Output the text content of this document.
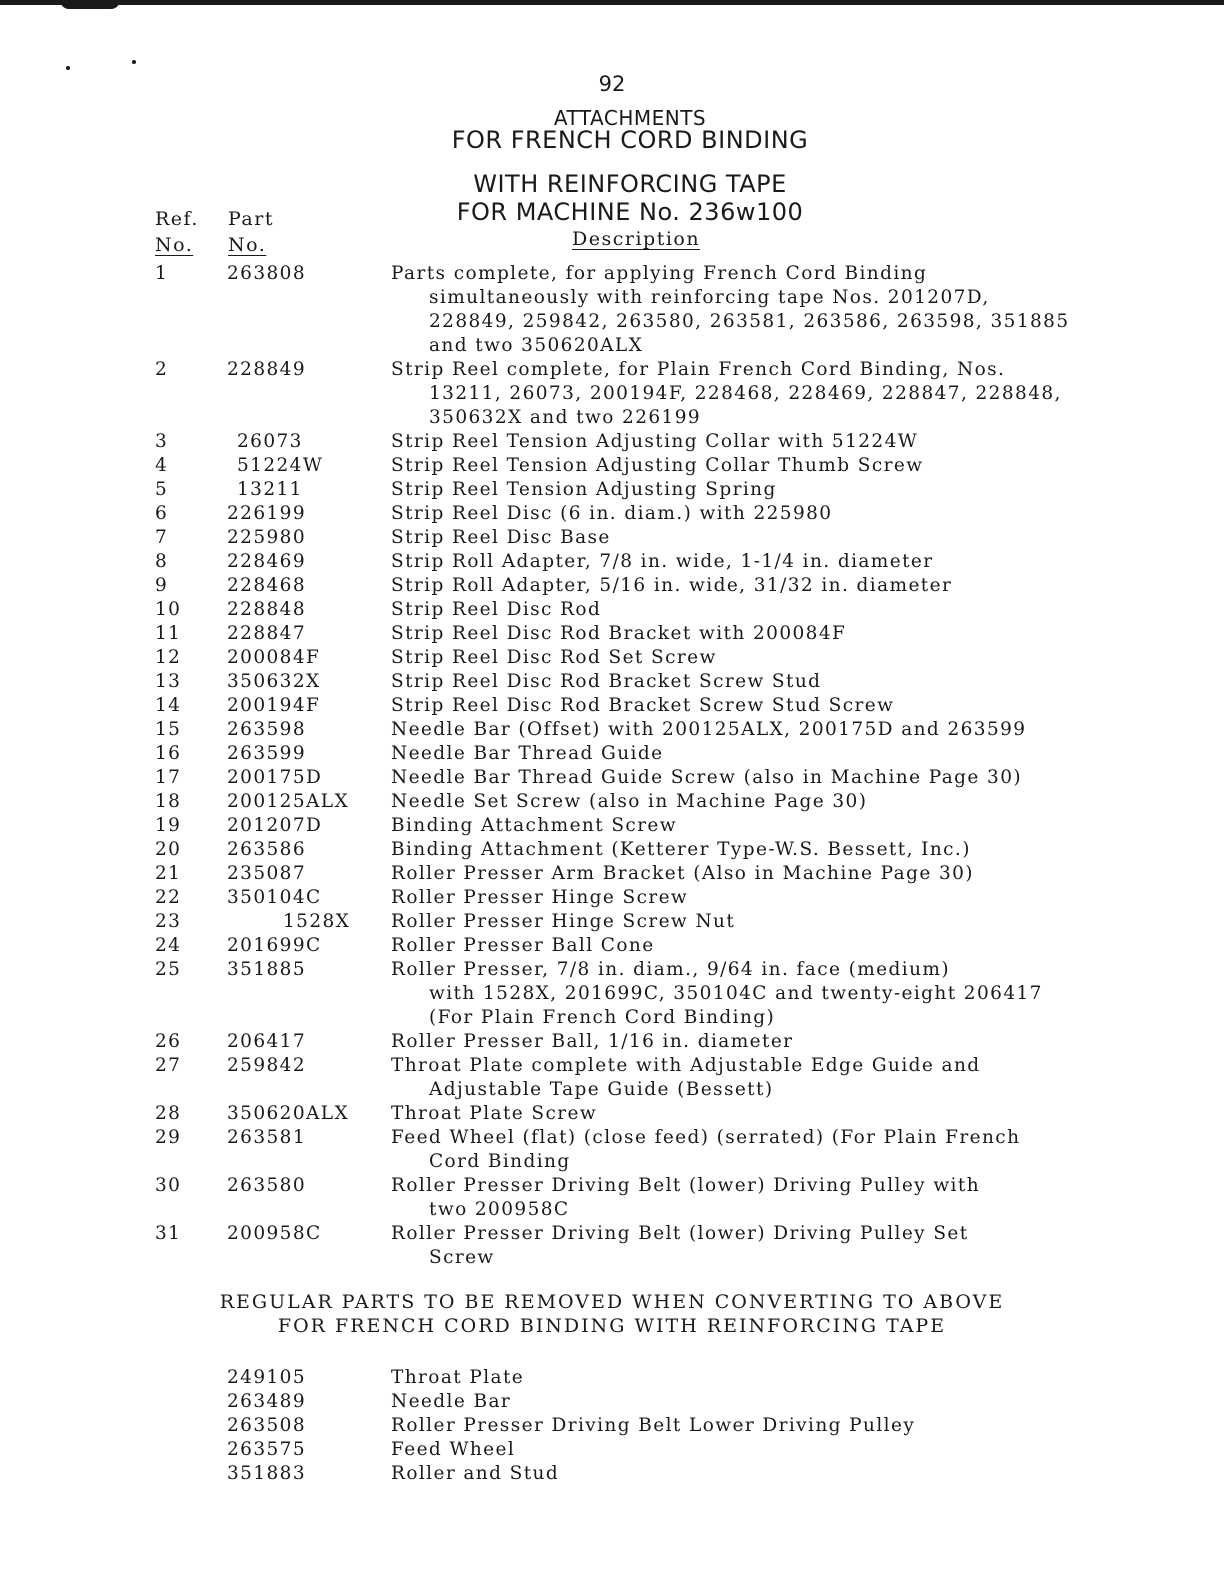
92
ATTACHMENTS
FOR FRENCH CORD BINDING
WITH REINFORCING TAPE
FOR MACHINE No. 236w100
Ref.
No.
Part
No.	Description
1	263808	Parts complete, for applying French Cord Binding
simultaneously with reinforcing tape Nos. 201207D,
228849, 259842, 263580, 263581, 263586, 263598, 351885
and two 350620ALX
2	228849	Strip Reel complete, for Plain French Cord Binding, Nos.
13211, 26073, 200194F, 228468, 228469, 228847, 228848,
350632X and two 226199
3	26073	Strip Reel Tension Adjusting Collar with 51224W
4	51224W	Strip Reel Tension Adjusting Collar Thumb Screw
5	13211	Strip Reel Tension Adjusting Spring
6	226199	Strip Reel Disc (6 in. diam.) with 225980
7	225980	Strip Reel Disc Base
8	228469	Strip Roll Adapter, 7/8 in. wide, 1-1/4 in. diameter
9	228468	Strip Roll Adapter, 5/16 in. wide, 31/32 in. diameter
10	228848	Strip Reel Disc Rod
11	228847	Strip Reel Disc Rod Bracket with 200084F
12	200084F	Strip Reel Disc Rod Set Screw
13	350632X	Strip Reel Disc Rod Bracket Screw Stud
14	200194F	Strip Reel Disc Rod Bracket Screw Stud Screw
15	263598	Needle Bar (Offset) with 200125ALX, 200175D and 263599
16	263599	Needle Bar Thread Guide
17	200175D	Needle Bar Thread Guide Screw (also in Machine Page 30)
18	200125ALX	Needle Set Screw (also in Machine Page 30)
19	201207D	Binding Attachment Screw
20	263586	Binding Attachment (Ketterer Type-W.S. Bessett, Inc.)
21	235087	Roller Presser Arm Bracket (Also in Machine Page 30)
22	350104C	Roller Presser Hinge Screw
23	1528X	Roller Presser Hinge Screw Nut
24	201699C	Roller Presser Ball Cone
25	351885	Roller Presser, 7/8 in. diam., 9/64 in. face (medium)
with 1528X, 201699C, 350104C and twenty-eight 206417
(For Plain French Cord Binding)
26	206417	Roller Presser Ball, 1/16 in. diameter
27	259842	Throat Plate complete with Adjustable Edge Guide and
Adjustable Tape Guide (Bessett)
28	350620ALX	Throat Plate Screw
29	263581	Feed Wheel (flat) (close feed) (serrated) (For Plain French
Cord Binding
30	263580	Roller Presser Driving Belt (lower) Driving Pulley with
two 200958C
31	200958C	Roller Presser Driving Belt (lower) Driving Pulley Set
Screw
REGULAR PARTS TO BE REMOVED WHEN CONVERTING TO ABOVE
FOR FRENCH CORD BINDING WITH REINFORCING TAPE
249105	Throat Plate
263489	Needle Bar
263508	Roller Presser Driving Belt Lower Driving Pulley
263575	Feed Wheel
351883	Roller and Stud
